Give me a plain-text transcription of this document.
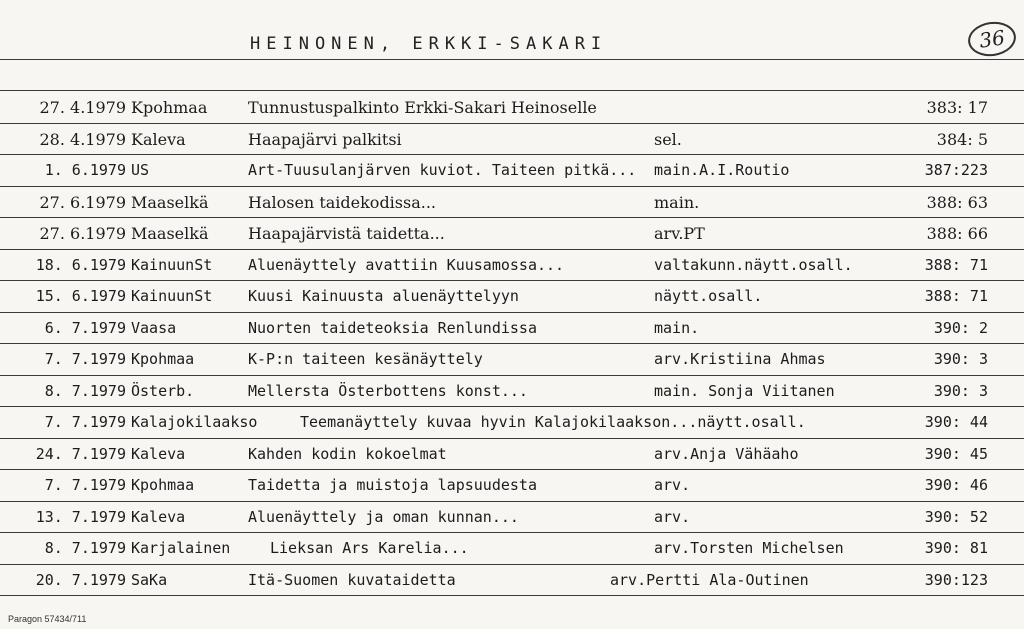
HEINONEN, ERKKI-SAKARI	36
27. 4.1979 Kpohmaa	Tunnustuspalkinto Erkki-Sakari Heinoselle	383: 17
28. 4.1979 Kaleva	Haapajärvi palkitsi	sel.	384: 5
1. 6.1979 US	Art-Tuusulanjärven kuviot. Taiteen pitkä... main.A.I.Routio	387:223
27. 6.1979 Maaselkä Halosen taidekodissa...	main.	388: 63
27. 6.1979 Maaselkä Haapajärvistä taidetta...	arv.PT	388: 66
18. 6.1979 KainuunSt Aluenäyttely avattiin Kuusamossa...	valtakunn.näytt.osall.	388: 71
15. 6.1979 KainuunSt Kuusi Kainuusta aluenäyttelyyn	näytt.osall.	388: 71
6. 7.1979 Vaasa	Nuorten taideteoksia Renlundissa	main.	390: 2
7. 7.1979 Kpohmaa	K-P:n taiteen kesänäyttely	arv.Kristiina Ahmas	390: 3
8. 7.1979 Österb.	Mellersta Österbottens konst...	main. Sonja Viitanen	390: 3
7. 7.1979 Kalajokilaakso	Teemanäyttely kuvaa hyvin Kalajokilaakson...näytt.osall.	390: 44
24. 7.1979 Kaleva	Kahden kodin kokoelmat	arv.Anja Vähäaho	390: 45
7. 7.1979 Kpohmaa	Taidetta ja muistoja lapsuudesta	arv.	390: 46
13. 7.1979 Kaleva	Aluenäyttely ja oman kunnan...	arv.	390: 52
8. 7.1979 Karjalainen	Lieksan Ars Karelia...	arv.Torsten Michelsen	390: 81
20. 7.1979 SaKa	Itä-Suomen kuvataidetta	arv.Pertti Ala-Outinen	390:123
Paragon 57434/711
